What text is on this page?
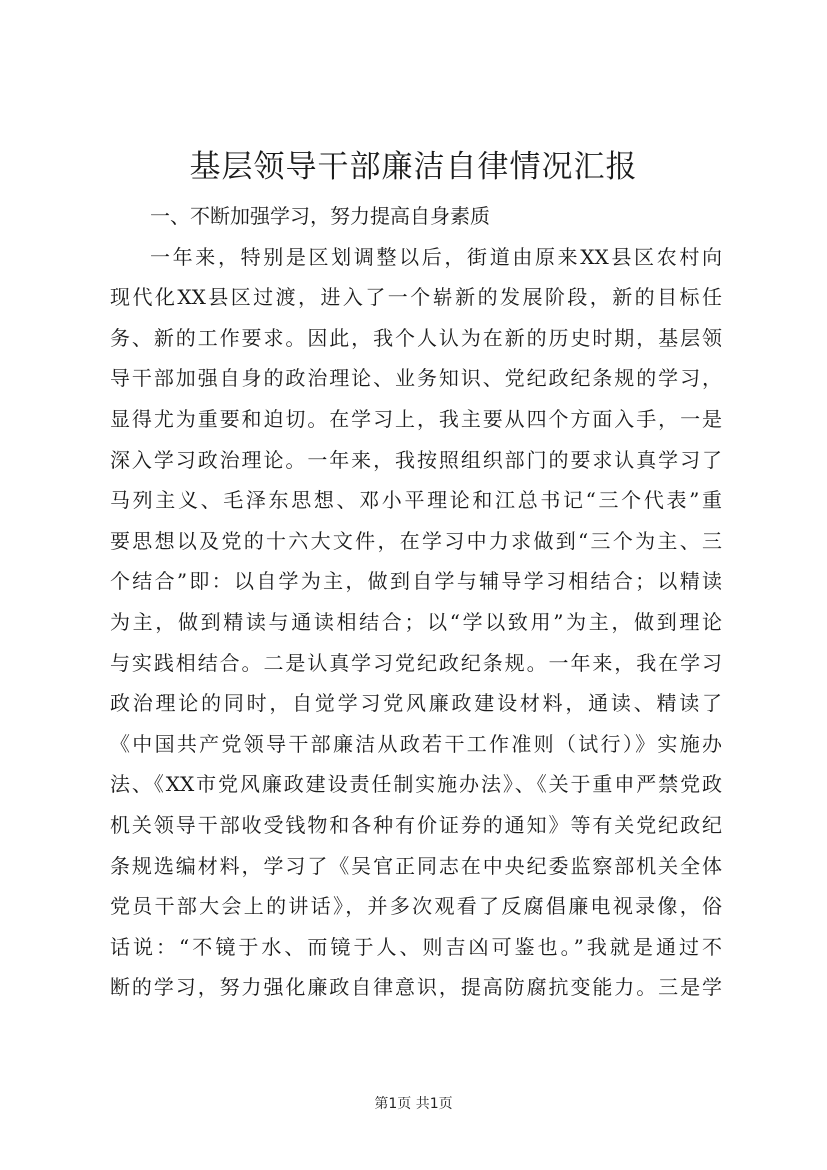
基层领导干部廉洁自律情况汇报
一、不断加强学习，努力提高自身素质
一年来，特别是区划调整以后，街道由原来XX县区农村向
现代化XX县区过渡，进入了一个崭新的发展阶段，新的目标任
务、新的工作要求。因此，我个人认为在新的历史时期，基层领
导干部加强自身的政治理论、业务知识、党纪政纪条规的学习，
显得尤为重要和迫切。在学习上，我主要从四个方面入手，一是
深入学习政治理论。一年来，我按照组织部门的要求认真学习了
马列主义、毛泽东思想、邓小平理论和江总书记“三个代表”重
要思想以及党的十六大文件，在学习中力求做到“三个为主、三
个结合”即：以自学为主，做到自学与辅导学习相结合；以精读
为主，做到精读与通读相结合；以“学以致用”为主，做到理论
与实践相结合。二是认真学习党纪政纪条规。一年来，我在学习
政治理论的同时，自觉学习党风廉政建设材料，通读、精读了
《中国共产党领导干部廉洁从政若干工作准则（试行）》实施办
法、《XX市党风廉政建设责任制实施办法》、《关于重申严禁党政
机关领导干部收受钱物和各种有价证券的通知》等有关党纪政纪
条规选编材料，学习了《吴官正同志在中央纪委监察部机关全体
党员干部大会上的讲话》，并多次观看了反腐倡廉电视录像，俗
话说：“不镜于水、而镜于人、则吉凶可鉴也。”我就是通过不
断的学习，努力强化廉政自律意识，提高防腐抗变能力。三是学
第1页 共1页
